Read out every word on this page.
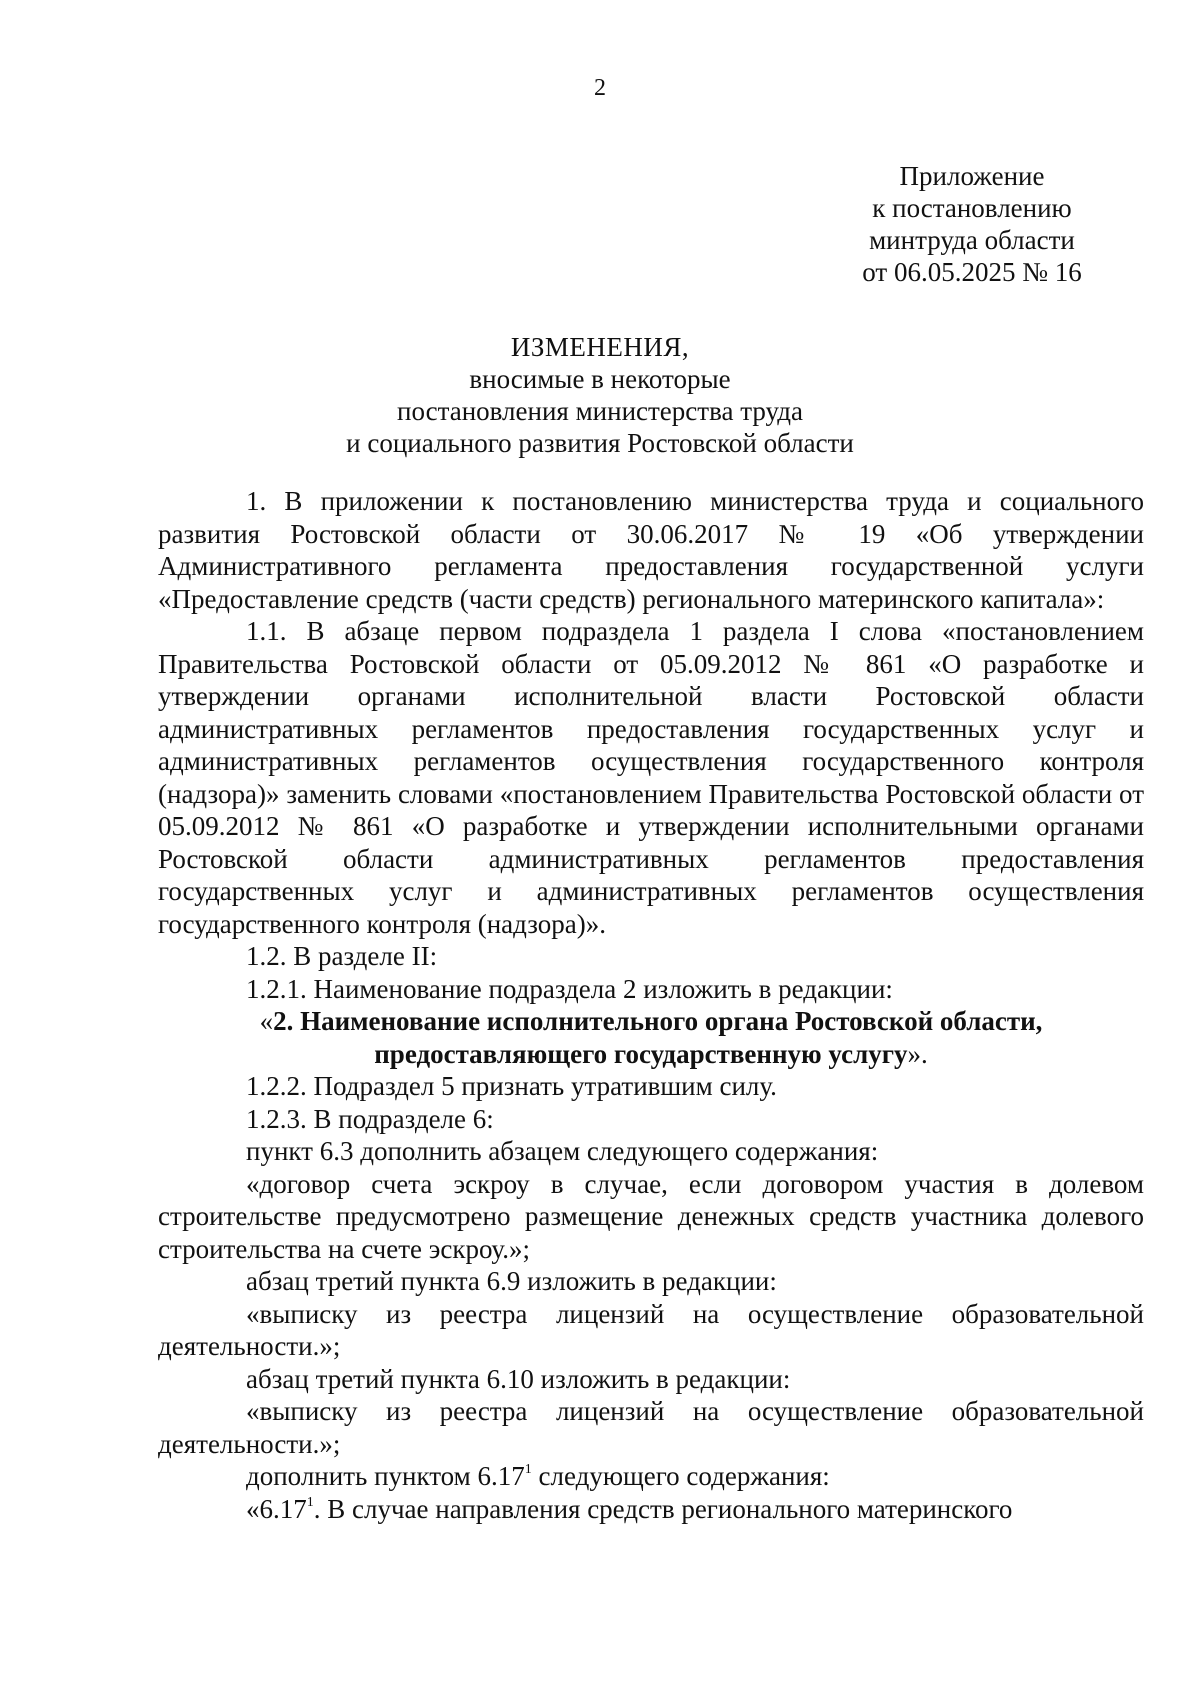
2
Приложение
к постановлению
минтруда области
от 06.05.2025 № 16
ИЗМЕНЕНИЯ,
вносимые в некоторые
постановления министерства труда
и социального развития Ростовской области

1. В приложении к постановлению министерства труда и социального развития Ростовской области от 30.06.2017 № 19 «Об утверждении Административного регламента предоставления государственной услуги «Предоставление средств (части средств) регионального материнского капитала»:

1.1. В абзаце первом подраздела 1 раздела I слова «постановлением Правительства Ростовской области от 05.09.2012 № 861 «О разработке и утверждении органами исполнительной власти Ростовской области административных регламентов предоставления государственных услуг и административных регламентов осуществления государственного контроля (надзора)» заменить словами «постановлением Правительства Ростовской области от 05.09.2012 № 861 «О разработке и утверждении исполнительными органами Ростовской области административных регламентов предоставления государственных услуг и административных регламентов осуществления государственного контроля (надзора)».

1.2. В разделе II:

1.2.1. Наименование подраздела 2 изложить в редакции:

«2. Наименование исполнительного органа Ростовской области,
предоставляющего государственную услугу».

1.2.2. Подраздел 5 признать утратившим силу.

1.2.3. В подразделе 6:

пункт 6.3 дополнить абзацем следующего содержания:

«договор счета эскроу в случае, если договором участия в долевом строительстве предусмотрено размещение денежных средств участника долевого строительства на счете эскроу.»;

абзац третий пункта 6.9 изложить в редакции:

«выписку из реестра лицензий на осуществление образовательной деятельности.»;

абзац третий пункта 6.10 изложить в редакции:

«выписку из реестра лицензий на осуществление образовательной деятельности.»;

дополнить пунктом 6.17$^1$ следующего содержания:

«6.17$^1$. В случае направления средств регионального материнского
